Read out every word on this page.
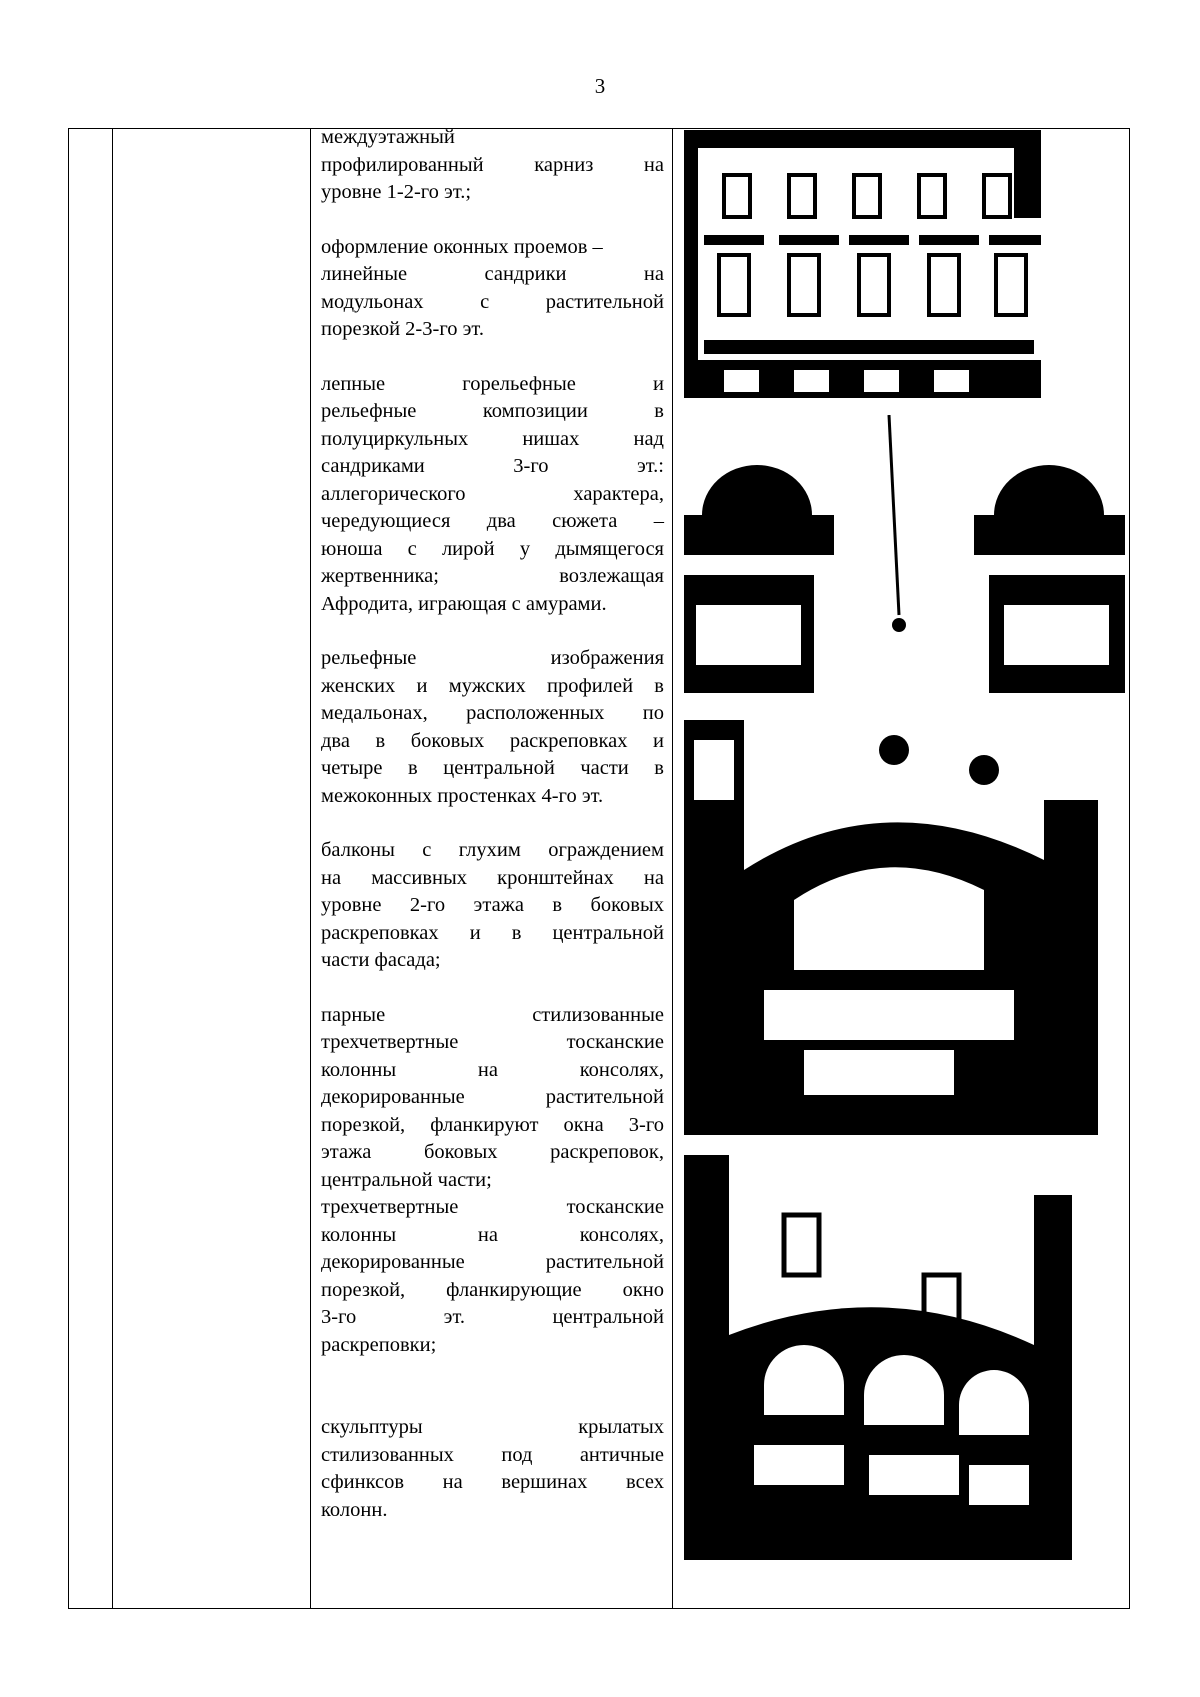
3
междуэтажный
профилированный карниз на
уровне 1-2-го эт.;
оформление оконных проемов –
линейные сандрики на
модульонах с растительной
порезкой 2-3-го эт.
лепные горельефные и
рельефные композиции в
полуциркульных нишах над
сандриками 3-го эт.:
аллегорического характера,
чередующиеся два сюжета –
юноша с лирой у дымящегося
жертвенника; возлежащая
Афродита, играющая с амурами.
рельефные изображения
женских и мужских профилей в
медальонах, расположенных по
два в боковых раскреповках и
четыре в центральной части в
межоконных простенках 4-го эт.
балконы с глухим ограждением
на массивных кронштейнах на
уровне 2-го этажа в боковых
раскреповках и в центральной
части фасада;
парные стилизованные
трехчетвертные тосканские
колонны на консолях,
декорированные растительной
порезкой, фланкируют окна 3-го
этажа боковых раскреповок,
центральной части;
трехчетвертные тосканские
колонны на консолях,
декорированные растительной
порезкой, фланкирующие окно
3-го эт. центральной
раскреповки;
скульптуры крылатых
стилизованных под античные
сфинксов на вершинах всех
колонн.
